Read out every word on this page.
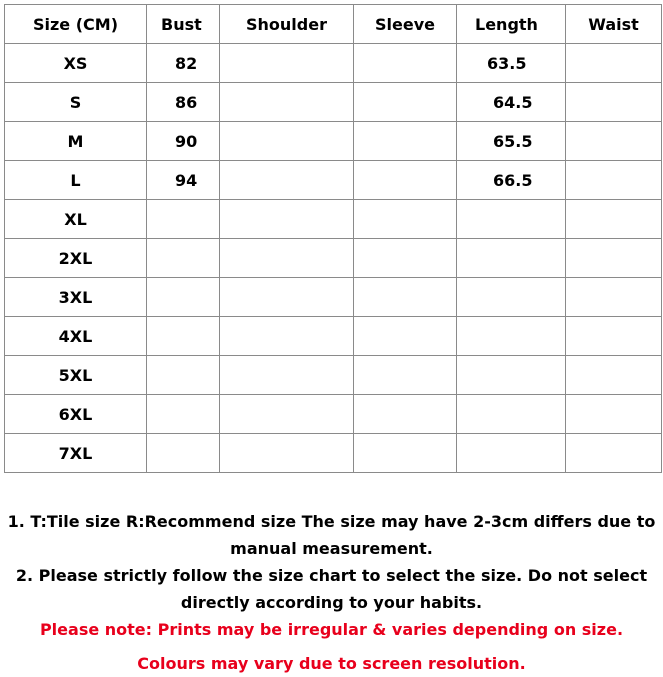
Size (CM)	Bust	Shoulder	Sleeve	Length	Waist
XS	82			63.5	
S	86			64.5	
M	90			65.5	
L	94			66.5	
XL					
2XL					
3XL					
4XL					
5XL					
6XL					
7XL					

1. T:Tile size R:Recommend size The size may have 2-3cm differs due to

manual measurement.

2. Please strictly follow the size chart to select the size. Do not select

directly according to your habits.

Please note: Prints may be irregular & varies depending on size.

Colours may vary due to screen resolution.
